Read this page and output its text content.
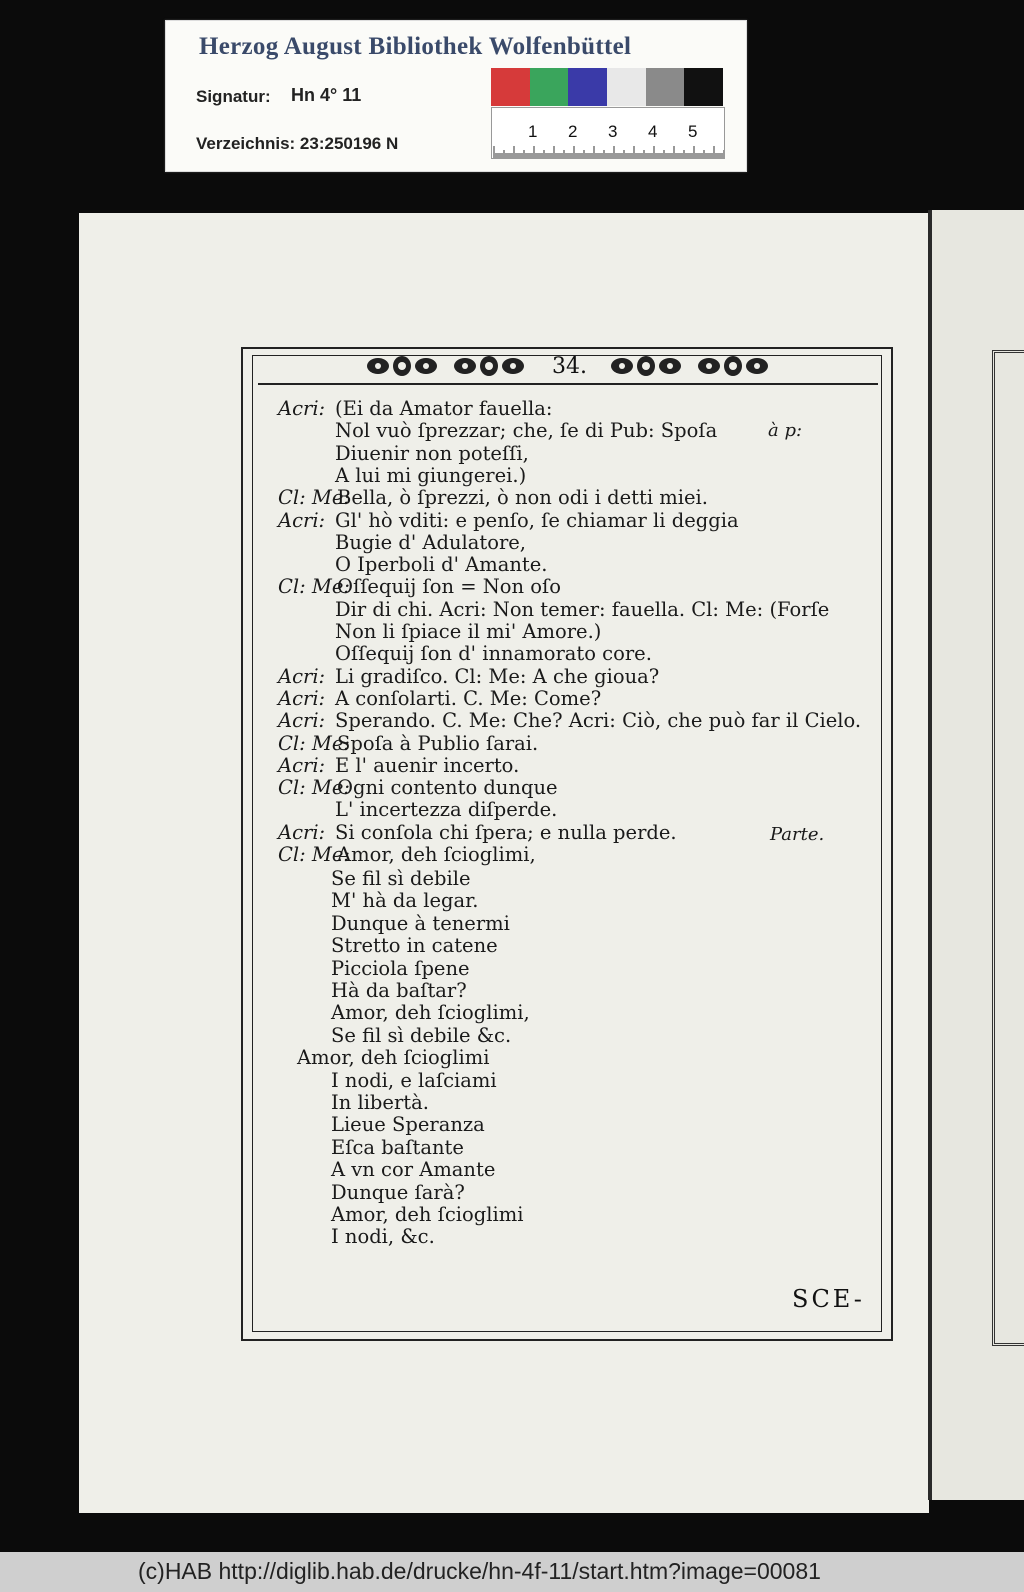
Herzog August Bibliothek Wolfenbüttel
Signatur: Hn 4° 11
Verzeichnis: 23:250196 N
1 2 3 4 5
34.
Acri: (Ei da Amator fauella:
Nol vuò ſprezzar; che, ſe di Pub: Spoſa
Diuenir non poteſſi,
A lui mi giungerei.)
Cl: Me:
Bella, ò ſprezzi, ò non odi i detti miei.
Acri: Gl' hò vditi: e penſo, ſe chiamar li deggia
Bugie d' Adulatore,
O Iperboli d' Amante.
Cl: Me:
Oſſequij ſon = Non oſo
Dir di chi. Acri: Non temer: fauella. Cl: Me: (Forſe
Non li ſpiace il mi' Amore.)
Oſſequij ſon d' innamorato core.
Acri: Li gradiſco. Cl: Me: A che gioua?
Acri: A conſolarti. C. Me: Come?
Acri: Sperando. C. Me: Che? Acri: Ciò, che può far il Cielo.
Cl: Me:
Spoſa à Publio ſarai.
Acri: E l' auenir incerto.
Cl: Me:
Ogni contento dunque
L' incertezza diſperde.
Acri: Si conſola chi ſpera; e nulla perde.
Cl: Me:
Amor, deh ſcioglimi,
à p:
Parte.
Se fil sì debile
M' hà da legar.
Dunque à tenermi
Stretto in catene
Picciola ſpene
Hà da baſtar?
Amor, deh ſcioglimi,
Se fil sì debile &c.
Amor, deh ſcioglimi
I nodi, e laſciami
In libertà.
Lieue Speranza
Eſca baſtante
A vn cor Amante
Dunque ſarà?
Amor, deh ſcioglimi
I nodi, &c.
SCE-
(c)HAB http://diglib.hab.de/drucke/hn-4f-11/start.htm?image=00081
